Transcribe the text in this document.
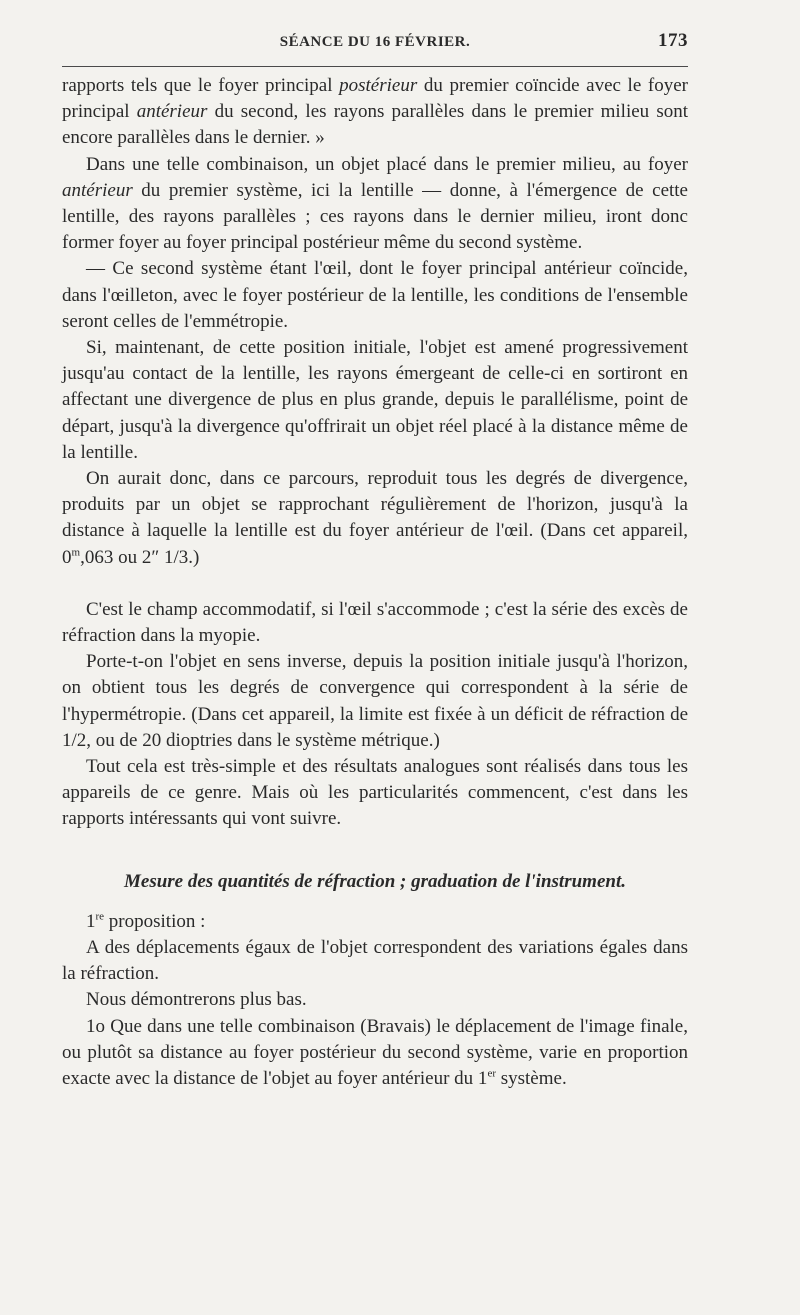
SÉANCE DU 16 FÉVRIER.	173

rapports tels que le foyer principal postérieur du premier coïncide avec le foyer principal antérieur du second, les rayons parallèles dans le premier milieu sont encore parallèles dans le dernier. »

Dans une telle combinaison, un objet placé dans le premier milieu, au foyer antérieur du premier système, ici la lentille — donne, à l'émergence de cette lentille, des rayons parallèles ; ces rayons dans le dernier milieu, iront donc former foyer au foyer principal postérieur même du second système.

— Ce second système étant l'œil, dont le foyer principal antérieur coïncide, dans l'œilleton, avec le foyer postérieur de la lentille, les conditions de l'ensemble seront celles de l'emmétropie.

Si, maintenant, de cette position initiale, l'objet est amené progressivement jusqu'au contact de la lentille, les rayons émergeant de celle-ci en sortiront en affectant une divergence de plus en plus grande, depuis le parallélisme, point de départ, jusqu'à la divergence qu'offrirait un objet réel placé à la distance même de la lentille.

On aurait donc, dans ce parcours, reproduit tous les degrés de divergence, produits par un objet se rapprochant régulièrement de l'horizon, jusqu'à la distance à laquelle la lentille est du foyer antérieur de l'œil. (Dans cet appareil, 0$^m$,063 ou 2″ 1/3.)

C'est le champ accommodatif, si l'œil s'accommode ; c'est la série des excès de réfraction dans la myopie.

Porte-t-on l'objet en sens inverse, depuis la position initiale jusqu'à l'horizon, on obtient tous les degrés de convergence qui correspondent à la série de l'hypermétropie. (Dans cet appareil, la limite est fixée à un déficit de réfraction de 1/2, ou de 20 dioptries dans le système métrique.)

Tout cela est très-simple et des résultats analogues sont réalisés dans tous les appareils de ce genre. Mais où les particularités commencent, c'est dans les rapports intéressants qui vont suivre.

Mesure des quantités de réfraction ; graduation de l'instrument.

1re proposition :

A des déplacements égaux de l'objet correspondent des variations égales dans la réfraction.

Nous démontrerons plus bas.

1o Que dans une telle combinaison (Bravais) le déplacement de l'image finale, ou plutôt sa distance au foyer postérieur du second système, varie en proportion exacte avec la distance de l'objet au foyer antérieur du 1er système.
